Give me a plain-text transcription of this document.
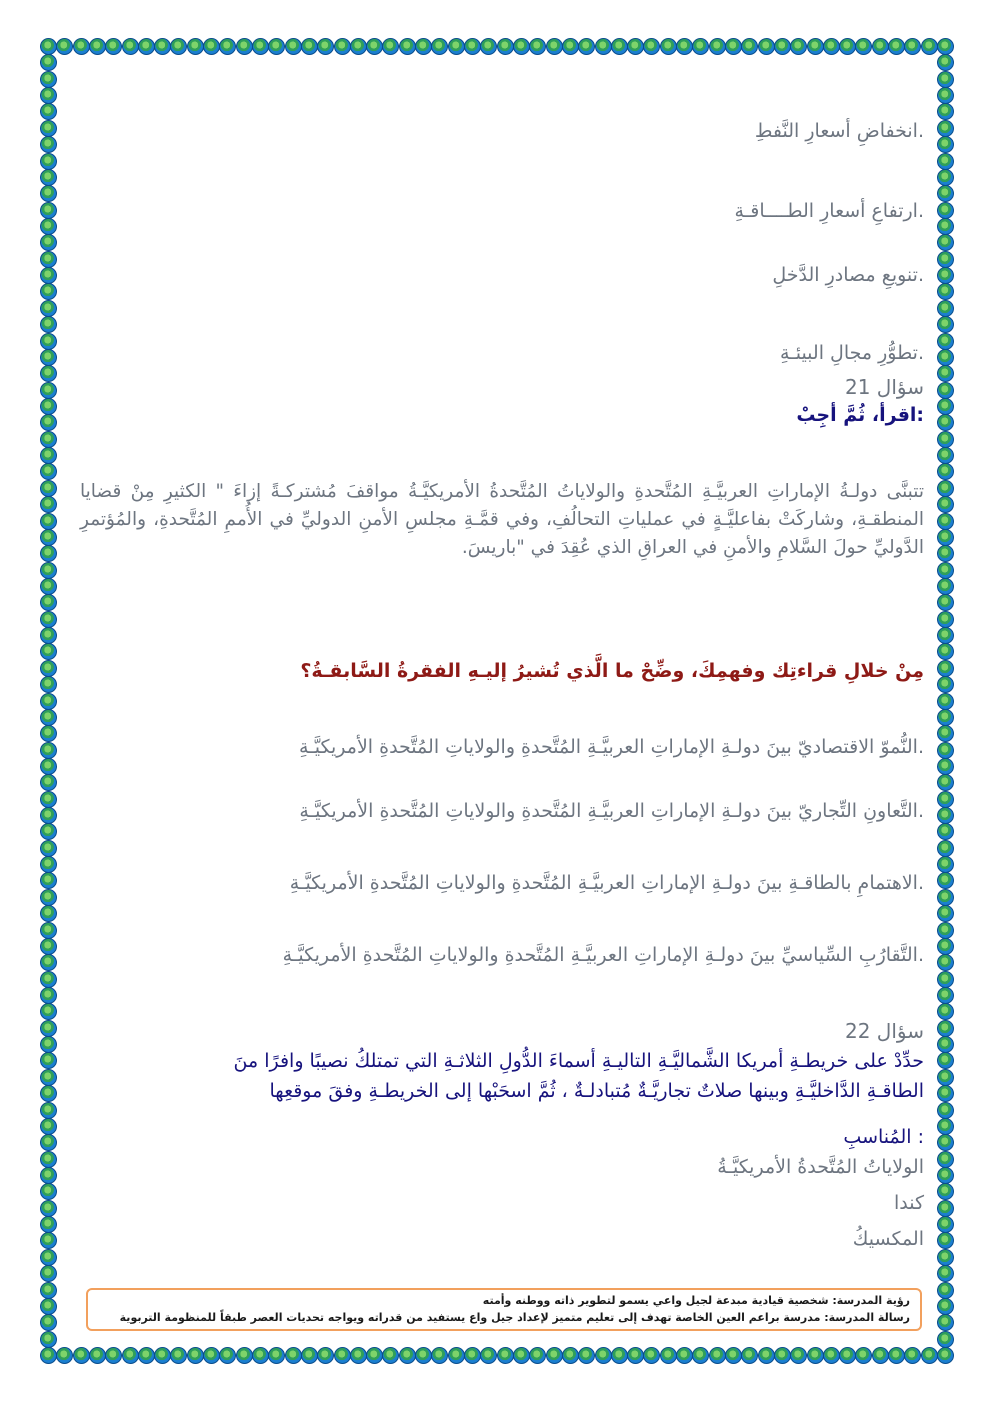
.انخفاضِ أسعارِ النَّفطِ
.ارتفاعِ أسعارِ الطــــاقـةِ
.تنويعِ مصادرِ الدَّخلِ
.تطوُّرِ مجالِ البيئـةِ
سؤال 21
:اقرأ، ثُمَّ أجِبْ
تتبنَّى دولـةُ الإماراتِ العربيَّـةِ المُتَّحدةِ والولاياتُ المُتَّحدةُ الأمريكيَّـةُ مواقفَ مُشتركـةً إزاءَ " الكثيرِ مِنْ قضايا المنطقـةِ، وشاركَتْ بفاعليَّـةٍ في عملياتِ التحالُفِ، وفي قمَّـةِ مجلسِ الأمنِ الدوليِّ في الأُممِ المُتَّحدةِ، والمُؤتمرِ الدَّوليِّ حولَ السَّلامِ والأمنِ في العراقِ الذي عُقِدَ في "باريسَ.
مِنْ خلالِ قراءتِك وفهمِكَ، وضِّحْ ما الَّذي تُشيرُ إليـهِ الفقرةُ السَّابقـةُ؟
.النُّموّ الاقتصاديّ بينَ دولـةِ الإماراتِ العربيَّـةِ المُتَّحدةِ والولاياتِ المُتَّحدةِ الأمريكيَّـةِ
.التَّعاونِ التِّجاريّ بينَ دولـةِ الإماراتِ العربيَّـةِ المُتَّحدةِ والولاياتِ المُتَّحدةِ الأمريكيَّـةِ
.الاهتمامِ بالطاقـةِ بينَ دولـةِ الإماراتِ العربيَّـةِ المُتَّحدةِ والولاياتِ المُتَّحدةِ الأمريكيَّـةِ
.التَّقارُبِ السِّياسيِّ بينَ دولـةِ الإماراتِ العربيَّـةِ المُتَّحدةِ والولاياتِ المُتَّحدةِ الأمريكيَّـةِ
سؤال 22
حدِّدْ على خريطـةِ أمريكا الشَّماليَّـةِ التاليـةِ أسماءَ الدُّولِ الثلاثـةِ التي تمتلكُ نصيبًا وافرًا منَ
الطاقـةِ الدَّاخليَّـةِ وبينها صلاتٌ تجاريَّـةٌ مُتبادلـةٌ ، ثُمَّ اسحَبْها إلى الخريطـةِ وفقَ موقعِها
: المُناسبِ
الولاياتُ المُتَّحدةُ الأمريكيَّـةُ
كندا
المكسيكُ
رؤية المدرسة: شخصية قيادية مبدعة لجيل واعي يسمو لتطوير ذاته ووطنه وأمته
رسالة المدرسة: مدرسة براعم العين الخاصة تهدف إلى تعليم متميز لإعداد جيل واع يستفيد من قدراته ويواجه تحديات العصر طبقاً للمنظومة التربوية
